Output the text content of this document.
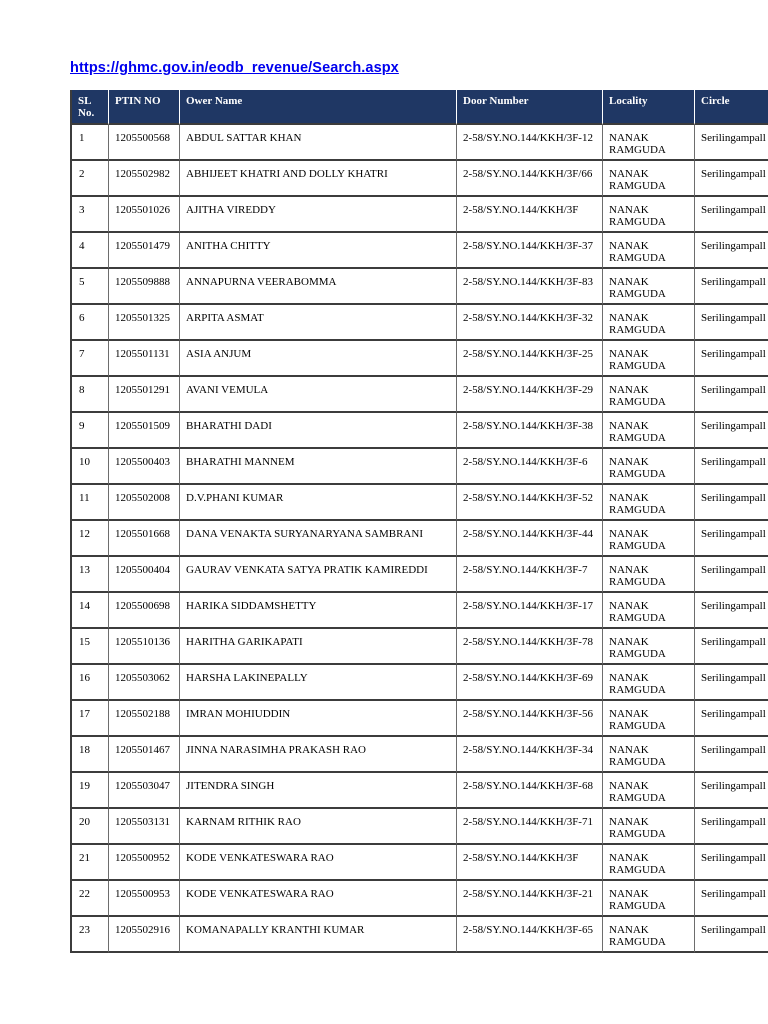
https://ghmc.gov.in/eodb_revenue/Search.aspx
SL No.	PTIN NO	Ower Name	Door Number	Locality	Circle
1	1205500568	ABDUL SATTAR KHAN	2-58/SY.NO.144/KKH/3F-12	NANAK RAMGUDA	Serilingampall
2	1205502982	ABHIJEET KHATRI AND DOLLY KHATRI	2-58/SY.NO.144/KKH/3F/66	NANAK RAMGUDA	Serilingampall
3	1205501026	AJITHA VIREDDY	2-58/SY.NO.144/KKH/3F	NANAK RAMGUDA	Serilingampall
4	1205501479	ANITHA CHITTY	2-58/SY.NO.144/KKH/3F-37	NANAK RAMGUDA	Serilingampall
5	1205509888	ANNAPURNA VEERABOMMA	2-58/SY.NO.144/KKH/3F-83	NANAK RAMGUDA	Serilingampall
6	1205501325	ARPITA ASMAT	2-58/SY.NO.144/KKH/3F-32	NANAK RAMGUDA	Serilingampall
7	1205501131	ASIA ANJUM	2-58/SY.NO.144/KKH/3F-25	NANAK RAMGUDA	Serilingampall
8	1205501291	AVANI VEMULA	2-58/SY.NO.144/KKH/3F-29	NANAK RAMGUDA	Serilingampall
9	1205501509	BHARATHI DADI	2-58/SY.NO.144/KKH/3F-38	NANAK RAMGUDA	Serilingampall
10	1205500403	BHARATHI MANNEM	2-58/SY.NO.144/KKH/3F-6	NANAK RAMGUDA	Serilingampall
11	1205502008	D.V.PHANI KUMAR	2-58/SY.NO.144/KKH/3F-52	NANAK RAMGUDA	Serilingampall
12	1205501668	DANA VENAKTA SURYANARYANA SAMBRANI	2-58/SY.NO.144/KKH/3F-44	NANAK RAMGUDA	Serilingampall
13	1205500404	GAURAV VENKATA SATYA PRATIK KAMIREDDI	2-58/SY.NO.144/KKH/3F-7	NANAK RAMGUDA	Serilingampall
14	1205500698	HARIKA SIDDAMSHETTY	2-58/SY.NO.144/KKH/3F-17	NANAK RAMGUDA	Serilingampall
15	1205510136	HARITHA GARIKAPATI	2-58/SY.NO.144/KKH/3F-78	NANAK RAMGUDA	Serilingampall
16	1205503062	HARSHA LAKINEPALLY	2-58/SY.NO.144/KKH/3F-69	NANAK RAMGUDA	Serilingampall
17	1205502188	IMRAN MOHIUDDIN	2-58/SY.NO.144/KKH/3F-56	NANAK RAMGUDA	Serilingampall
18	1205501467	JINNA NARASIMHA PRAKASH RAO	2-58/SY.NO.144/KKH/3F-34	NANAK RAMGUDA	Serilingampall
19	1205503047	JITENDRA SINGH	2-58/SY.NO.144/KKH/3F-68	NANAK RAMGUDA	Serilingampall
20	1205503131	KARNAM RITHIK RAO	2-58/SY.NO.144/KKH/3F-71	NANAK RAMGUDA	Serilingampall
21	1205500952	KODE VENKATESWARA RAO	2-58/SY.NO.144/KKH/3F	NANAK RAMGUDA	Serilingampall
22	1205500953	KODE VENKATESWARA RAO	2-58/SY.NO.144/KKH/3F-21	NANAK RAMGUDA	Serilingampall
23	1205502916	KOMANAPALLY KRANTHI KUMAR	2-58/SY.NO.144/KKH/3F-65	NANAK RAMGUDA	Serilingampall
